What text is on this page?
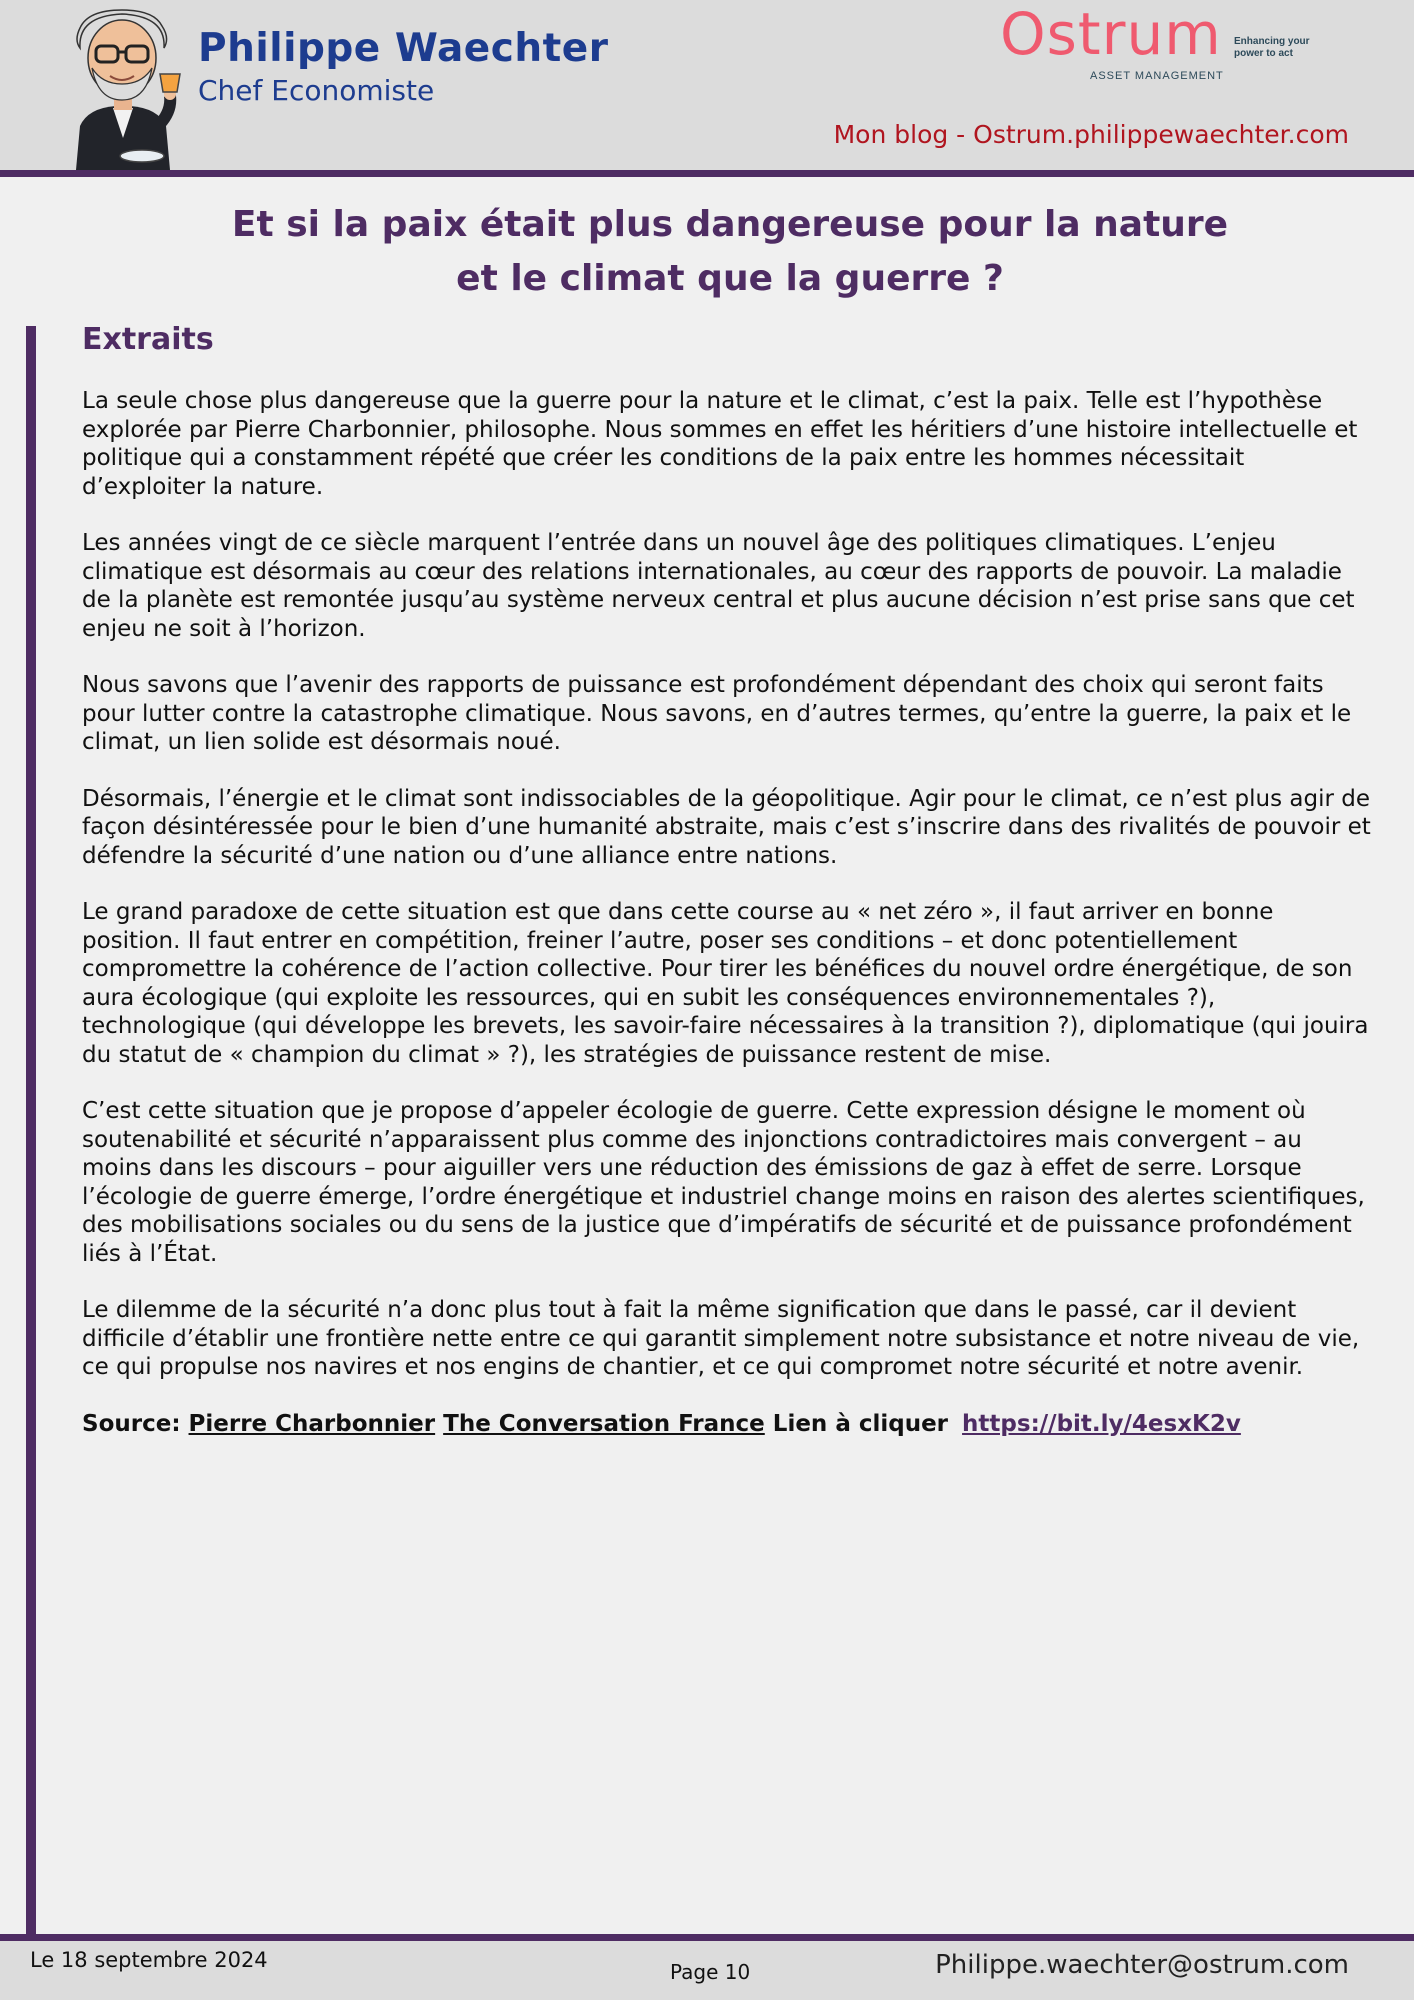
Philippe Waechter
Chef Economiste
Ostrum
ASSET MANAGEMENT
Enhancing your power to act
Mon blog - Ostrum.philippewaechter.com
Et si la paix était plus dangereuse pour la nature
et le climat que la guerre ?
Extraits

La seule chose plus dangereuse que la guerre pour la nature et le climat, c’est la paix. Telle est l’hypothèse explorée par Pierre Charbonnier, philosophe. Nous sommes en effet les héritiers d’une histoire intellectuelle et politique qui a constamment répété que créer les conditions de la paix entre les hommes nécessitait d’exploiter la nature.

Les années vingt de ce siècle marquent l’entrée dans un nouvel âge des politiques climatiques. L’enjeu climatique est désormais au cœur des relations internationales, au cœur des rapports de pouvoir. La maladie de la planète est remontée jusqu’au système nerveux central et plus aucune décision n’est prise sans que cet enjeu ne soit à l’horizon.

Nous savons que l’avenir des rapports de puissance est profondément dépendant des choix qui seront faits pour lutter contre la catastrophe climatique. Nous savons, en d’autres termes, qu’entre la guerre, la paix et le climat, un lien solide est désormais noué.

Désormais, l’énergie et le climat sont indissociables de la géopolitique. Agir pour le climat, ce n’est plus agir de façon désintéressée pour le bien d’une humanité abstraite, mais c’est s’inscrire dans des rivalités de pouvoir et défendre la sécurité d’une nation ou d’une alliance entre nations.

Le grand paradoxe de cette situation est que dans cette course au « net zéro », il faut arriver en bonne position. Il faut entrer en compétition, freiner l’autre, poser ses conditions – et donc potentiellement compromettre la cohérence de l’action collective. Pour tirer les bénéfices du nouvel ordre énergétique, de son aura écologique (qui exploite les ressources, qui en subit les conséquences environnementales ?), technologique (qui développe les brevets, les savoir-faire nécessaires à la transition ?), diplomatique (qui jouira du statut de « champion du climat » ?), les stratégies de puissance restent de mise.

C’est cette situation que je propose d’appeler écologie de guerre. Cette expression désigne le moment où soutenabilité et sécurité n’apparaissent plus comme des injonctions contradictoires mais convergent – au moins dans les discours – pour aiguiller vers une réduction des émissions de gaz à effet de serre. Lorsque l’écologie de guerre émerge, l’ordre énergétique et industriel change moins en raison des alertes scientifiques, des mobilisations sociales ou du sens de la justice que d’impératifs de sécurité et de puissance profondément liés à l’État.

Le dilemme de la sécurité n’a donc plus tout à fait la même signification que dans le passé, car il devient difficile d’établir une frontière nette entre ce qui garantit simplement notre subsistance et notre niveau de vie, ce qui propulse nos navires et nos engins de chantier, et ce qui compromet notre sécurité et notre avenir.

Source: Pierre Charbonnier The Conversation France Lien à cliquer https://bit.ly/4esxK2v
Le 18 septembre 2024	Page 10	Philippe.waechter@ostrum.com
